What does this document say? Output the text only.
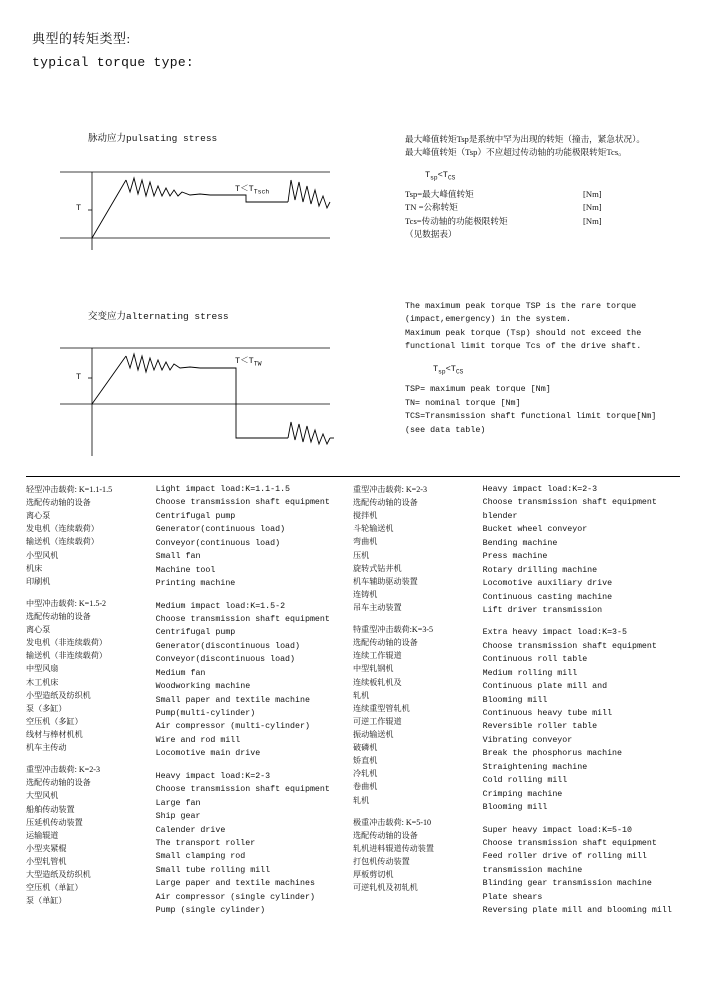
典型的转矩类型:
typical torque type:
脉动应力pulsating stress
T
$T<T_{Tsch}$
最大峰值转矩Tsp是系统中罕为出现的转矩（撞击，紧急状况）。
最大峰值转矩（Tsp）不应超过传动轴的功能极限转矩Tcs。
$T_{sp}<T_{CS}$
Tsp=最大峰值转矩	[Nm]
TN =公称转矩	[Nm]
Tcs=传动轴的功能极限转矩	[Nm]
（见数据表）
交变应力alternating stress
T
$T<T_{TW}$
The maximum peak torque TSP is the rare torque
(impact,emergency) in the system.
Maximum peak torque (Tsp) should not exceed the
functional limit torque Tcs of the drive shaft.
$T_{sp}<T_{CS}$
TSP= maximum peak torque [Nm]
TN= nominal torque [Nm]
TCS=Transmission shaft functional limit torque[Nm]
(see data table)
轻型冲击载荷: K=1.1-1.5
选配传动轴的设备
离心泵
发电机（连续载荷）
输送机（连续载荷）
小型风机
机床
印刷机
中型冲击载荷: K=1.5-2
选配传动轴的设备
离心泵
发电机（非连续载荷）
输送机（非连续载荷）
中型风扇
木工机床
小型造纸及纺织机
泵（多缸）
空压机（多缸）
线材与棒材机机
机车主传动
重型冲击载荷: K=2-3
选配传动轴的设备
大型风机
船舶传动装置
压延机传动装置
运输辊道
小型夹紧棍
小型轧管机
大型造纸及纺织机
空压机（单缸）
泵（单缸）
Light impact load:K=1.1-1.5
Choose transmission shaft equipment
Centrifugal pump
Generator(continuous load)
Conveyor(continuous load)
Small fan
Machine tool
Printing machine
Medium impact load:K=1.5-2
Choose transmission shaft equipment
Centrifugal pump
Generator(discontinuous load)
Conveyor(discontinuous load)
Medium fan
Woodworking machine
Small paper and textile machine
Pump(multi-cylinder)
Air compressor (multi-cylinder)
Wire and rod mill
Locomotive main drive
Heavy impact load:K=2-3
Choose transmission shaft equipment
Large fan
Ship gear
Calender drive
The transport roller
Small clamping rod
Small tube rolling mill
Large paper and textile machines
Air compressor (single cylinder)
Pump (single cylinder)
重型冲击载荷: K=2-3
选配传动轴的设备
搅拌机
斗轮输送机
弯曲机
压机
旋转式钻井机
机车辅助驱动装置
连铸机
吊车主动装置
特重型冲击载荷:K=3-5
选配传动轴的设备
连续工作辊道
中型轧钢机
连续板轧机及
轧机
连续重型管轧机
可逆工作辊道
振动输送机
破磷机
矫直机
冷轧机
卷曲机
轧机
极重冲击载荷: K=5-10
选配传动轴的设备
轧机进料辊道传动装置
打包机传动装置
厚板剪切机
可逆轧机及初轧机
Heavy impact load:K=2-3
Choose transmission shaft equipment
blender
Bucket wheel conveyor
Bending machine
Press machine
Rotary drilling machine
Locomotive auxiliary drive
Continuous casting machine
Lift driver transmission
Extra heavy impact load:K=3-5
Choose transmission shaft equipment
Continuous roll table
Medium rolling mill
Continuous plate mill and
Blooming mill
Continuous heavy tube mill
Reversible roller table
Vibrating conveyor
Break the phosphorus machine
Straightening machine
Cold rolling mill
Crimping machine
Blooming mill
Super heavy impact load:K=5-10
Choose transmission shaft equipment
Feed roller drive of rolling mill
transmission machine
Blinding gear transmission machine
Plate shears
Reversing plate mill and blooming mill
